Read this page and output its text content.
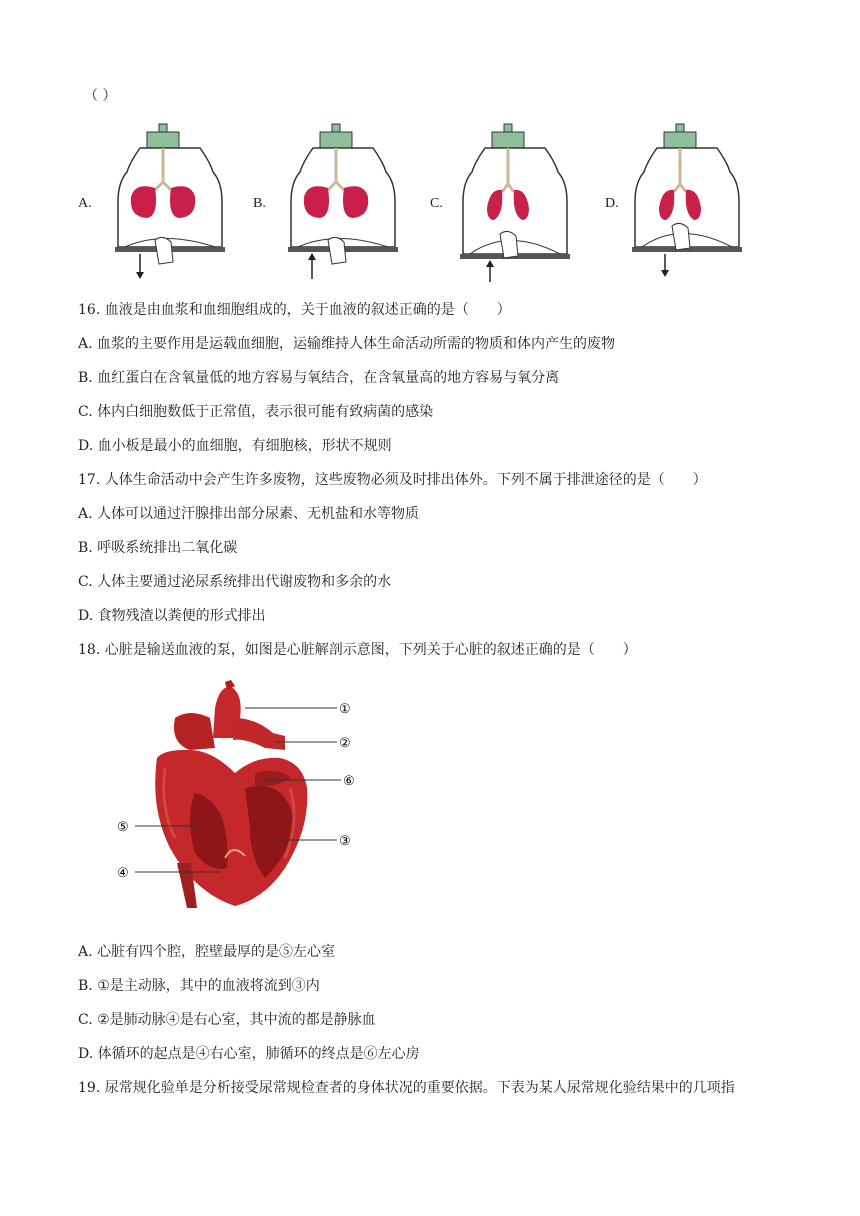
（ ）
A.	B.	C.	D.
16. 血液是由血浆和血细胞组成的，关于血液的叙述正确的是（　　）
A. 血浆的主要作用是运载血细胞，运输维持人体生命活动所需的物质和体内产生的废物
B. 血红蛋白在含氧量低的地方容易与氧结合，在含氧量高的地方容易与氧分离
C. 体内白细胞数低于正常值，表示很可能有致病菌的感染
D. 血小板是最小的血细胞，有细胞核，形状不规则
17. 人体生命活动中会产生许多废物，这些废物必须及时排出体外。下列不属于排泄途径的是（　　）
A. 人体可以通过汗腺排出部分尿素、无机盐和水等物质
B. 呼吸系统排出二氧化碳
C. 人体主要通过泌尿系统排出代谢废物和多余的水
D. 食物残渣以粪便的形式排出
18. 心脏是输送血液的泵，如图是心脏解剖示意图，下列关于心脏的叙述正确的是（　　）
①
②
⑥
⑤
③
④
A. 心脏有四个腔，腔壁最厚的是⑤左心室
B. ①是主动脉，其中的血液将流到③内
C. ②是肺动脉④是右心室，其中流的都是静脉血
D. 体循环的起点是④右心室，肺循环的终点是⑥左心房
19. 尿常规化验单是分析接受尿常规检查者的身体状况的重要依据。下表为某人尿常规化验结果中的几项指
